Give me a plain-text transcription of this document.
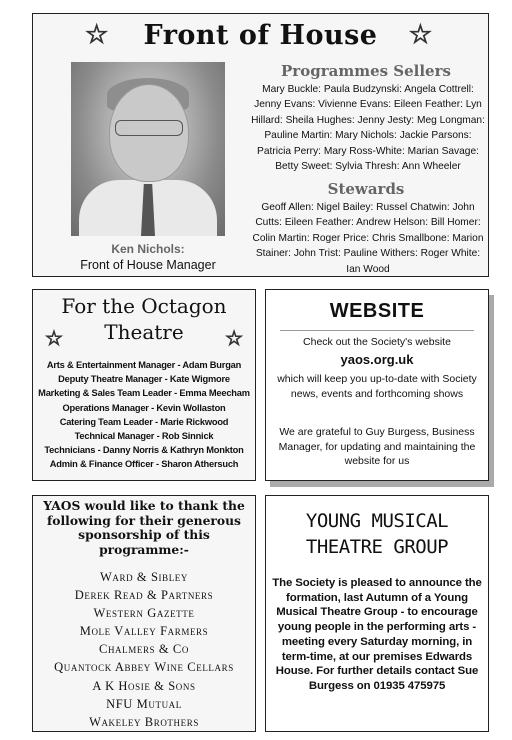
☆	☆
Front of House
Ken Nichols:
Front of House Manager
Programmes Sellers
Mary Buckle: Paula Budzynski: Angela Cottrell: Jenny Evans: Vivienne Evans: Eileen Feather: Lyn Hillard: Sheila Hughes: Jenny Jesty: Meg Longman: Pauline Martin: Mary Nichols: Jackie Parsons: Patricia Perry: Mary Ross-White: Marian Savage: Betty Sweet: Sylvia Thresh: Ann Wheeler
Stewards
Geoff Allen: Nigel Bailey: Russel Chatwin: John Cutts: Eileen Feather: Andrew Helson: Bill Homer: Colin Martin: Roger Price: Chris Smallbone: Marion Stainer: John Trist: Pauline Withers: Roger White: Ian Wood
For the Octagon
Theatre
☆	☆
Arts & Entertainment Manager - Adam Burgan
Deputy Theatre Manager - Kate Wigmore
Marketing & Sales Team Leader - Emma Meecham
Operations Manager - Kevin Wollaston
Catering Team Leader - Marie Rickwood
Technical Manager - Rob Sinnick
Technicians - Danny Norris & Kathryn Monkton
Admin & Finance Officer - Sharon Athersuch
WEBSITE
Check out the Society's website
yaos.org.uk
which will keep you up-to-date with Society news, events and forthcoming shows
We are grateful to Guy Burgess, Business Manager, for updating and maintaining the website for us
YAOS would like to thank the following for their generous sponsorship of this programme:-
Ward & Sibley
Derek Read & Partners
Western Gazette
Mole Valley Farmers
Chalmers & Co
Quantock Abbey Wine Cellars
A K Hosie & Sons
NFU Mutual
Wakeley Brothers
YOUNG MUSICAL
THEATRE GROUP
The Society is pleased to announce the formation, last Autumn of a Young Musical Theatre Group - to encourage young people in the performing arts - meeting every Saturday morning, in term-time, at our premises Edwards House. For further details contact Sue Burgess on 01935 475975
